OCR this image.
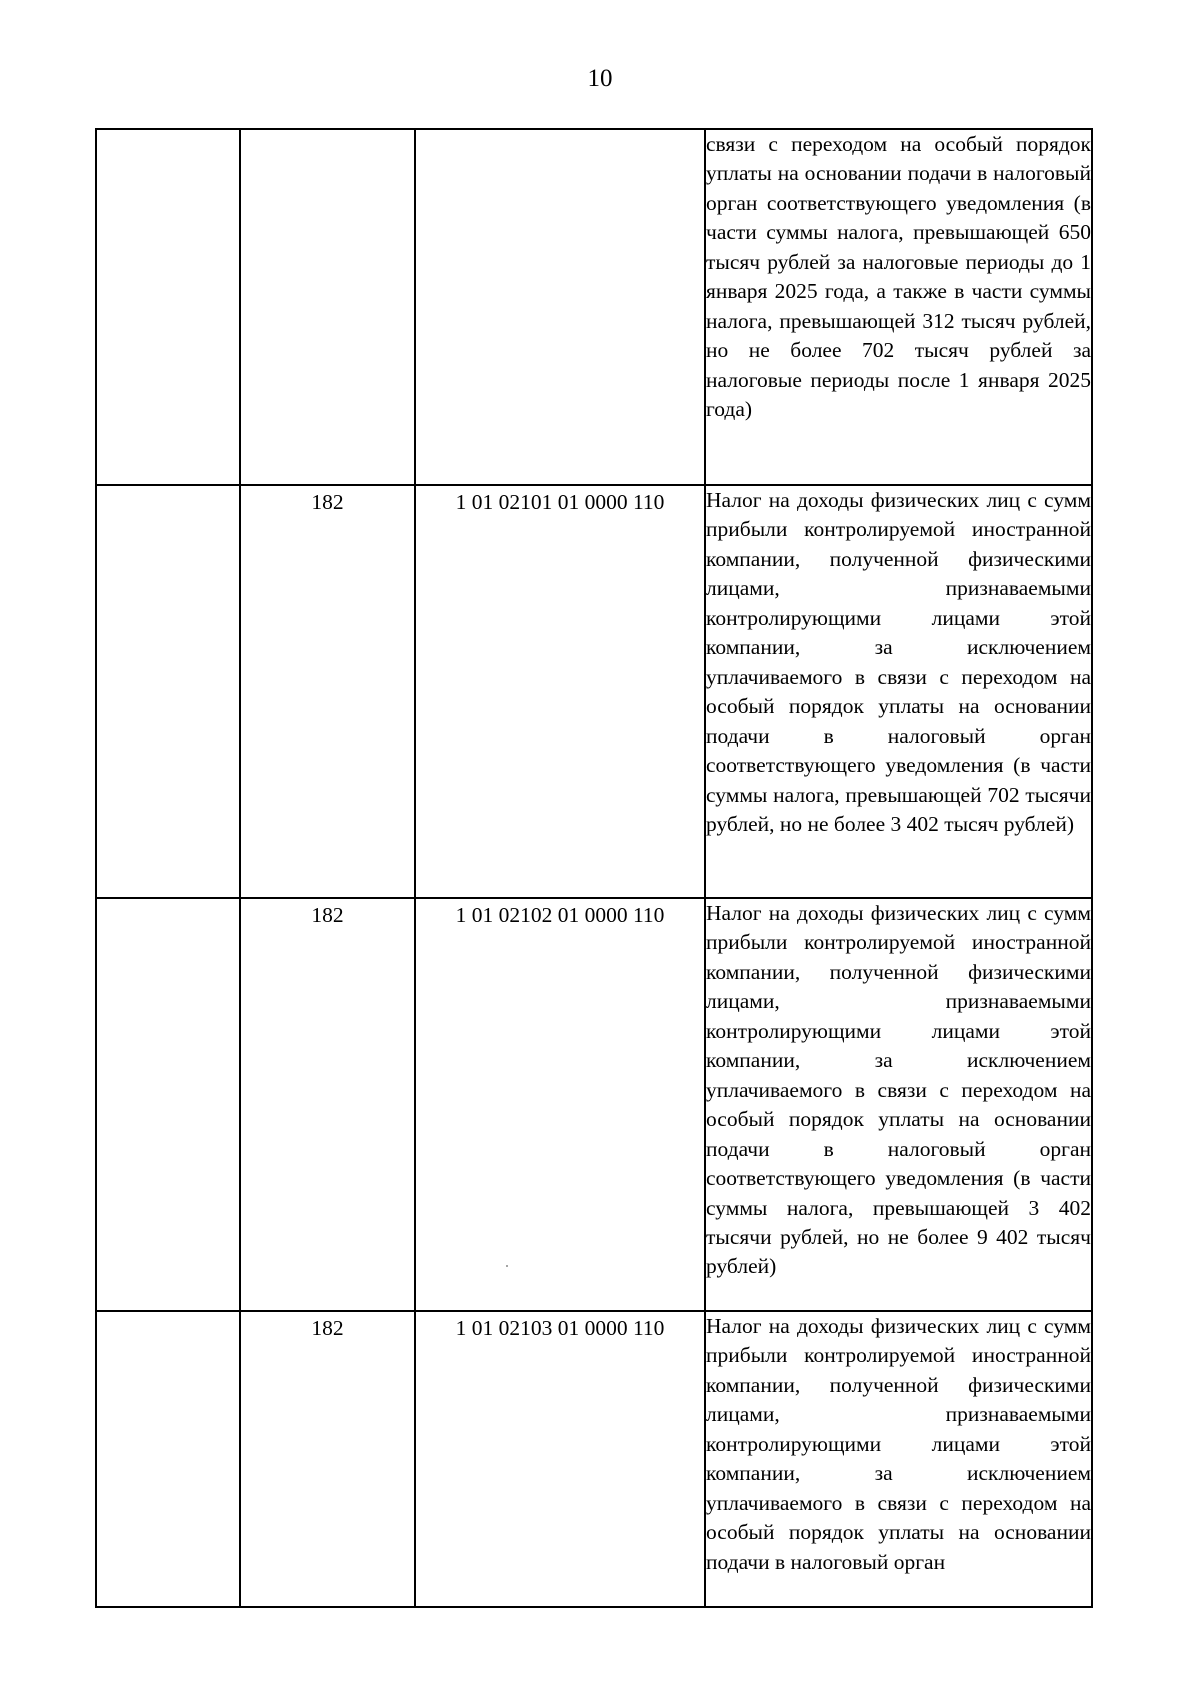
10
			связи с переходом на особый порядок уплаты на основании подачи в налоговый орган соответствующего уведомления (в части суммы налога, превышающей 650 тысяч рублей за налоговые периоды до 1 января 2025 года, а также в части суммы налога, превышающей 312 тысяч рублей, но не более 702 тысяч рублей за налоговые периоды после 1 января 2025 года)
	182	1 01 02101 01 0000 110	Налог на доходы физических лиц с сумм прибыли контролируемой иностранной компании, полученной физическими лицами, признаваемыми контролирующими лицами этой компании, за исключением уплачиваемого в связи с переходом на особый порядок уплаты на основании подачи в налоговый орган соответствующего уведомления (в части суммы налога, превышающей 702 тысячи рублей, но не более 3 402 тысяч рублей)
	182	1 01 02102 01 0000 110	Налог на доходы физических лиц с сумм прибыли контролируемой иностранной компании, полученной физическими лицами, признаваемыми контролирующими лицами этой компании, за исключением уплачиваемого в связи с переходом на особый порядок уплаты на основании подачи в налоговый орган соответствующего уведомления (в части суммы налога, превышающей 3 402 тысячи рублей, но не более 9 402 тысяч рублей)
	182	1 01 02103 01 0000 110	Налог на доходы физических лиц с сумм прибыли контролируемой иностранной компании, полученной физическими лицами, признаваемыми контролирующими лицами этой компании, за исключением уплачиваемого в связи с переходом на особый порядок уплаты на основании подачи в налоговый орган
